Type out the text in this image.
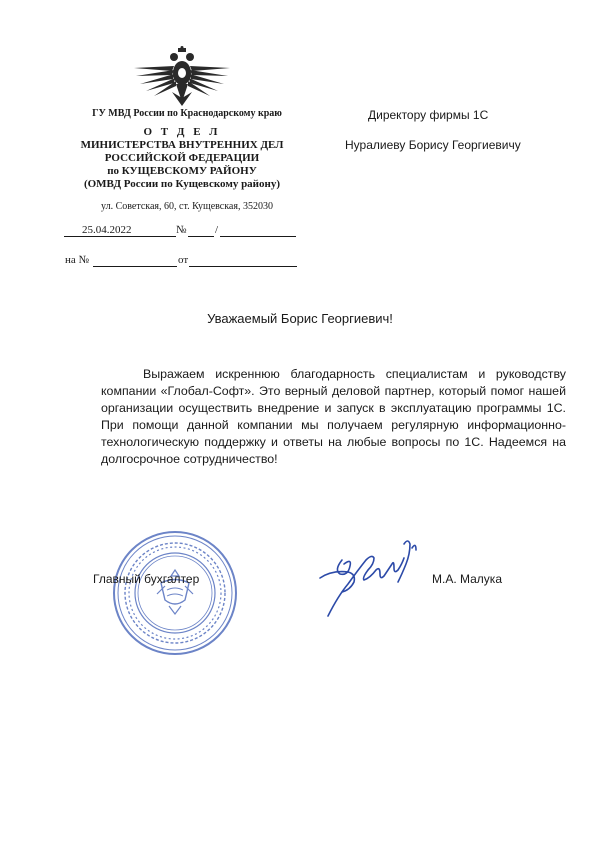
ГУ МВД России по Краснодарскому краю
О Т Д Е Л
МИНИСТЕРСТВА ВНУТРЕННИХ ДЕЛ
РОССИЙСКОЙ ФЕДЕРАЦИИ
по КУЩЕВСКОМУ РАЙОНУ
(ОМВД России по Кущевскому району)
ул. Советская, 60, ст. Кущевская, 352030
25.04.2022	№	/
на №	от
Директору фирмы 1С
Нуралиеву Борису Георгиевичу
Уважаемый Борис Георгиевич!
Выражаем искреннюю благодарность специалистам и руководству компании «Глобал-Софт». Это верный деловой партнер, который помог нашей организации осуществить внедрение и запуск в эксплуатацию программы 1С. При помощи данной компании мы получаем регулярную информационно-технологическую поддержку и ответы на любые вопросы по 1С. Надеемся на долгосрочное сотрудничество!
Главный бухгалтер	М.А. Малука
